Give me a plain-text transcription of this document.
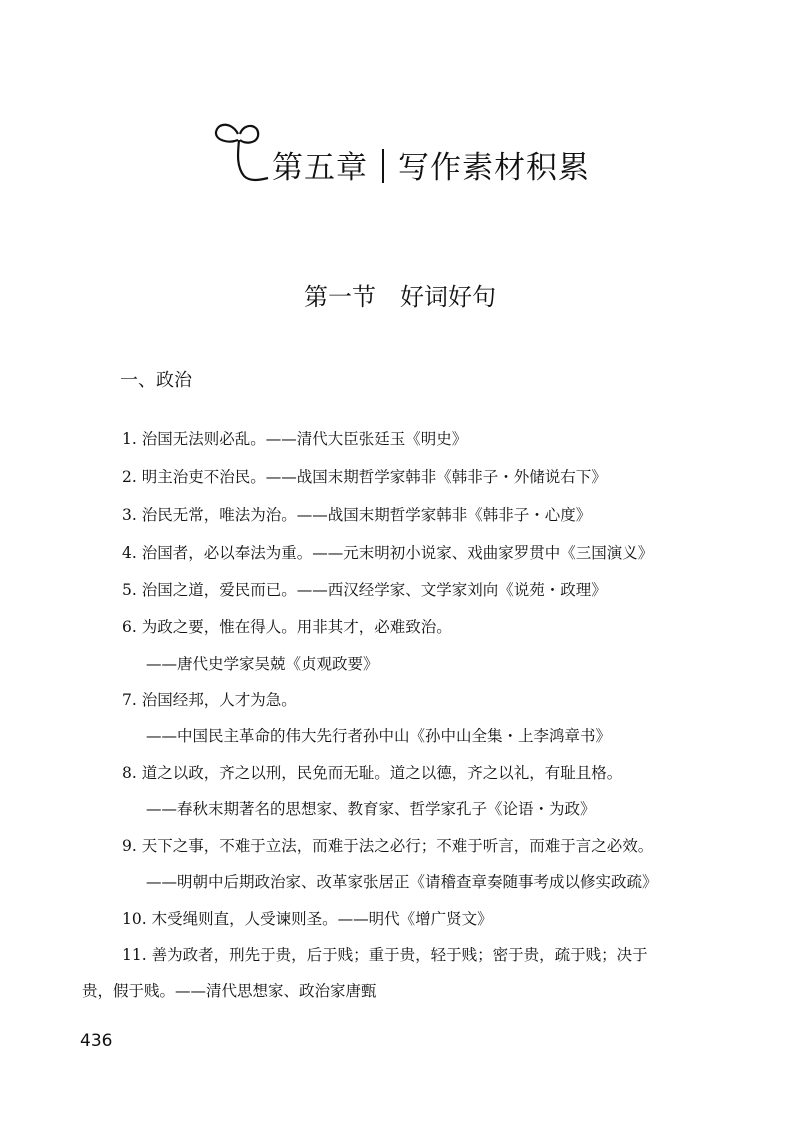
第五章 写作素材积累
第一节 好词好句
一、政治
1. 治国无法则必乱。——清代大臣张廷玉《明史》
2. 明主治吏不治民。——战国末期哲学家韩非《韩非子・外储说右下》
3. 治民无常，唯法为治。——战国末期哲学家韩非《韩非子・心度》
4. 治国者，必以奉法为重。——元末明初小说家、戏曲家罗贯中《三国演义》
5. 治国之道，爱民而已。——西汉经学家、文学家刘向《说苑・政理》
6. 为政之要，惟在得人。用非其才，必难致治。
——唐代史学家吴兢《贞观政要》
7. 治国经邦，人才为急。
——中国民主革命的伟大先行者孙中山《孙中山全集・上李鸿章书》
8. 道之以政，齐之以刑，民免而无耻。道之以德，齐之以礼，有耻且格。
——春秋末期著名的思想家、教育家、哲学家孔子《论语・为政》
9. 天下之事，不难于立法，而难于法之必行；不难于听言，而难于言之必效。
——明朝中后期政治家、改革家张居正《请稽查章奏随事考成以修实政疏》
10. 木受绳则直，人受谏则圣。——明代《增广贤文》
11. 善为政者，刑先于贵，后于贱；重于贵，轻于贱；密于贵，疏于贱；决于
贵，假于贱。——清代思想家、政治家唐甄
436
